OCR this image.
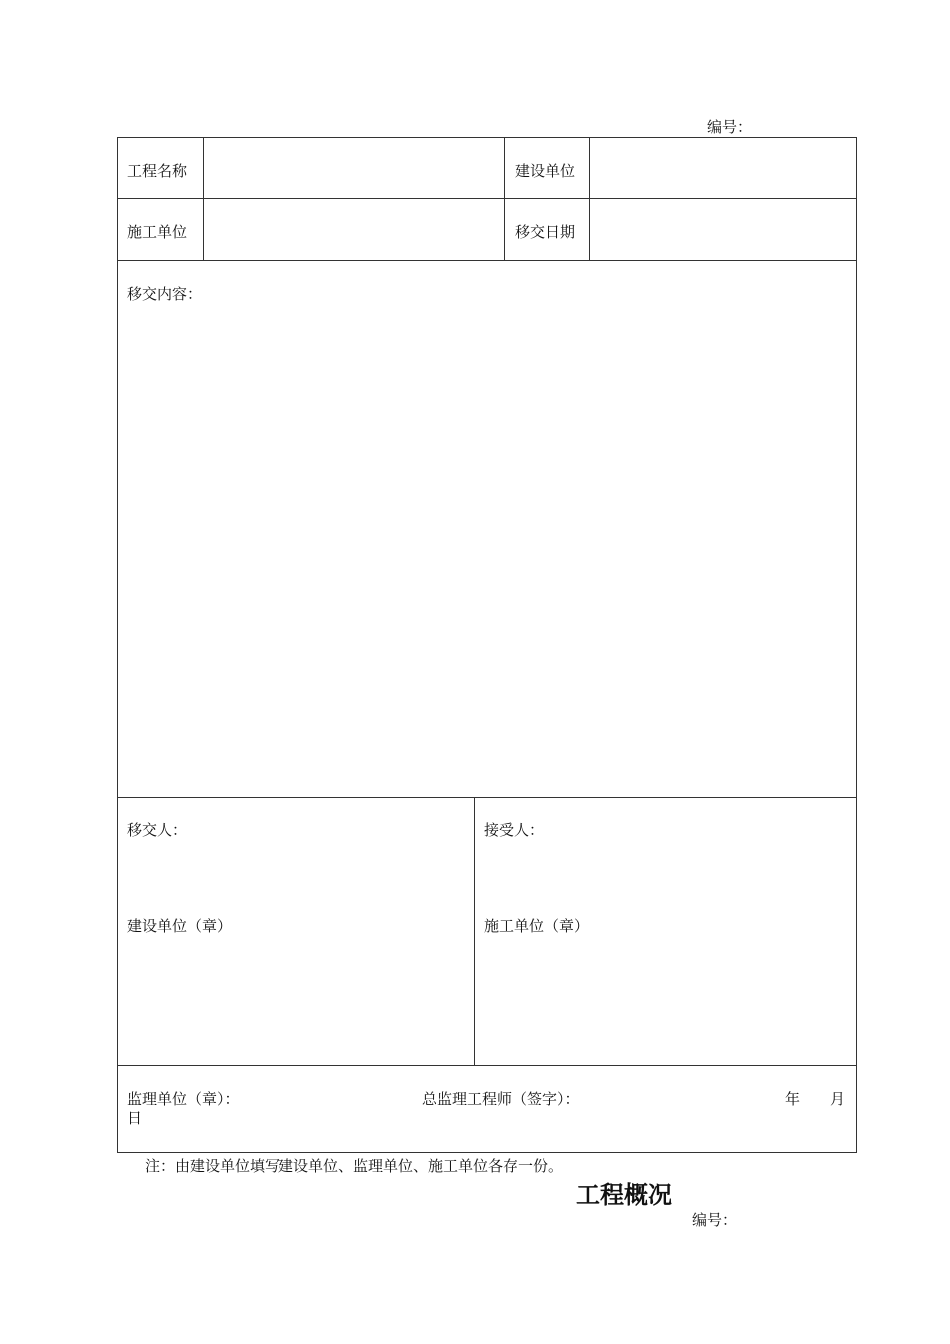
编号：
工程名称	建设单位
施工单位	移交日期
移交内容：
移交人：	接受人：
建设单位（章）	施工单位（章）
监理单位（章）：	总监理工程师（签字）：	年 月
日
注：由建设单位填写
建设单位、监理单位、施工单位各存一份。
工程概况
编号：
